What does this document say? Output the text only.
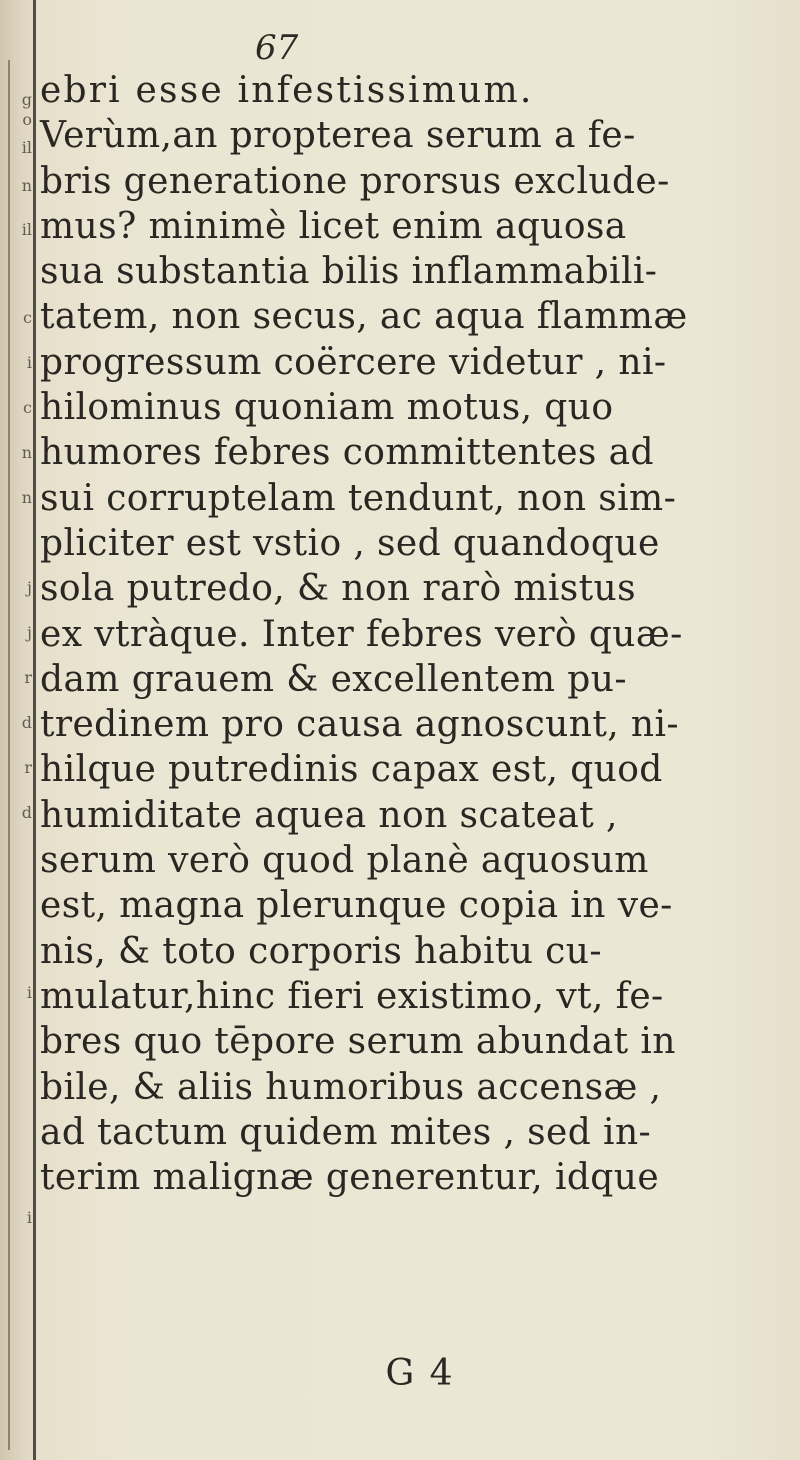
g
o
il
n
il
c
i
c
n
n
j
j
r
d
r
d
i
i
67
ebri esse infestissimum.
Verùm,an propterea serum a fe-
bris generatione prorsus exclude-
mus? minimè licet enim aquosa
sua substantia bilis inflammabili-
tatem, non secus, ac aqua flammæ
progressum coërcere videtur , ni-
hilominus quoniam motus, quo
humores febres committentes ad
sui corruptelam tendunt, non sim-
pliciter est vstio , sed quandoque
sola putredo, & non rarò mistus
ex vtràque. Inter febres verò quæ-
dam grauem & excellentem pu-
tredinem pro causa agnoscunt, ni-
hilque putredinis capax est, quod
humiditate aquea non scateat ,
serum verò quod planè aquosum
est, magna plerunque copia in ve-
nis, & toto corporis habitu cu-
mulatur,hinc fieri existimo, vt, fe-
bres quo tēpore serum abundat in
bile, & aliis humoribus accensæ ,
ad tactum quidem mites , sed in-
terim malignæ generentur, idque
G 4
